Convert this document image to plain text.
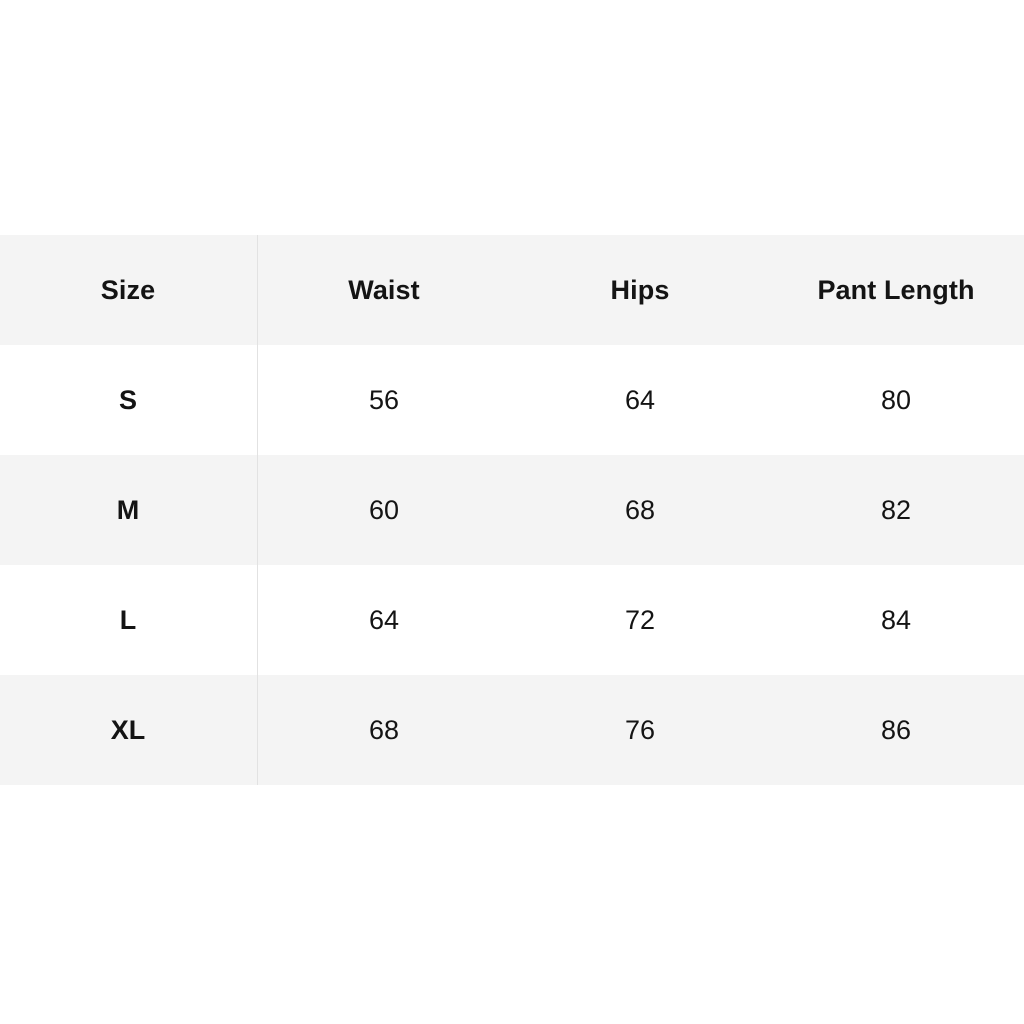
Size	Waist	Hips	Pant Length
S	56	64	80
M	60	68	82
L	64	72	84
XL	68	76	86
